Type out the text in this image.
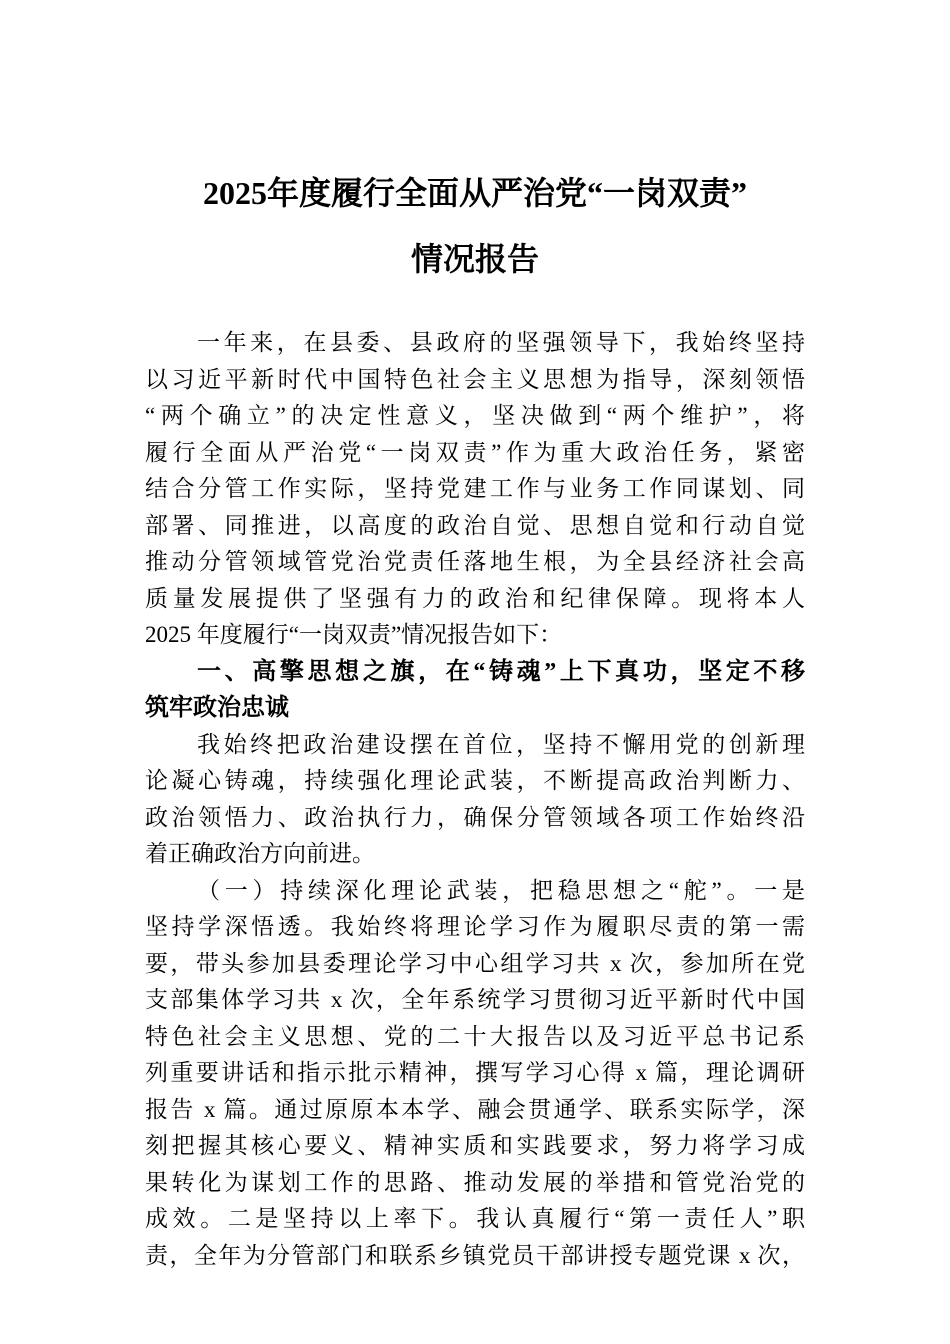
2025年度履行全面从严治党“一岗双责”
情况报告
一年来，在县委、县政府的坚强领导下，我始终坚持
以习近平新时代中国特色社会主义思想为指导，深刻领悟
“两个确立”的决定性意义，坚决做到“两个维护”，将
履行全面从严治党“一岗双责”作为重大政治任务，紧密
结合分管工作实际，坚持党建工作与业务工作同谋划、同
部署、同推进，以高度的政治自觉、思想自觉和行动自觉
推动分管领域管党治党责任落地生根，为全县经济社会高
质量发展提供了坚强有力的政治和纪律保障。现将本人
2025 年度履行“一岗双责”情况报告如下：
一、高擎思想之旗，在“铸魂”上下真功，坚定不移
筑牢政治忠诚
我始终把政治建设摆在首位，坚持不懈用党的创新理
论凝心铸魂，持续强化理论武装，不断提高政治判断力、
政治领悟力、政治执行力，确保分管领域各项工作始终沿
着正确政治方向前进。
（一）持续深化理论武装，把稳思想之“舵”。一是
坚持学深悟透。我始终将理论学习作为履职尽责的第一需
要，带头参加县委理论学习中心组学习共 x 次，参加所在党
支部集体学习共 x 次，全年系统学习贯彻习近平新时代中国
特色社会主义思想、党的二十大报告以及习近平总书记系
列重要讲话和指示批示精神，撰写学习心得 x 篇，理论调研
报告 x 篇。通过原原本本学、融会贯通学、联系实际学，深
刻把握其核心要义、精神实质和实践要求，努力将学习成
果转化为谋划工作的思路、推动发展的举措和管党治党的
成效。二是坚持以上率下。我认真履行“第一责任人”职
责，全年为分管部门和联系乡镇党员干部讲授专题党课 x 次，
